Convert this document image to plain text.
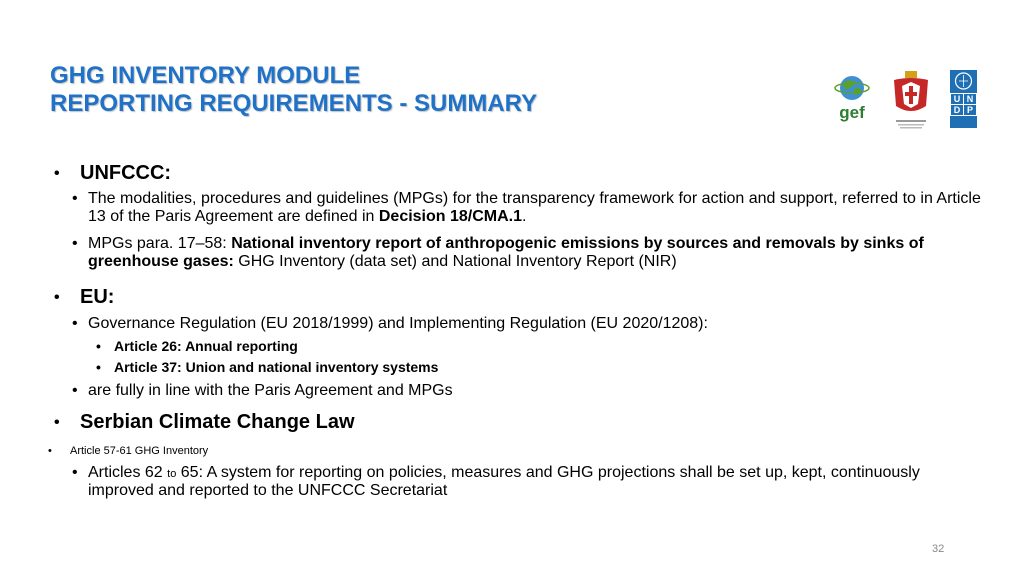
GHG INVENTORY MODULE
REPORTING REQUIREMENTS - SUMMARY	gef
U N
D P
•	UNFCCC:
• The modalities, procedures and guidelines (MPGs) for the transparency framework for action and support, referred to in Article 13 of the Paris Agreement are defined in Decision 18/CMA.1.
• MPGs para. 17–58: National inventory report of anthropogenic emissions by sources and removals by sinks of greenhouse gases: GHG Inventory (data set) and National Inventory Report (NIR)
•	EU:
• Governance Regulation (EU 2018/1999) and Implementing Regulation (EU 2020/1208):
• Article 26: Annual reporting
• Article 37: Union and national inventory systems
• are fully in line with the Paris Agreement and MPGs
•	Serbian Climate Change Law
•	Article 57-61 GHG Inventory
• Articles 62 to 65: A system for reporting on policies, measures and GHG projections shall be set up, kept, continuously improved and reported to the UNFCCC Secretariat
32
